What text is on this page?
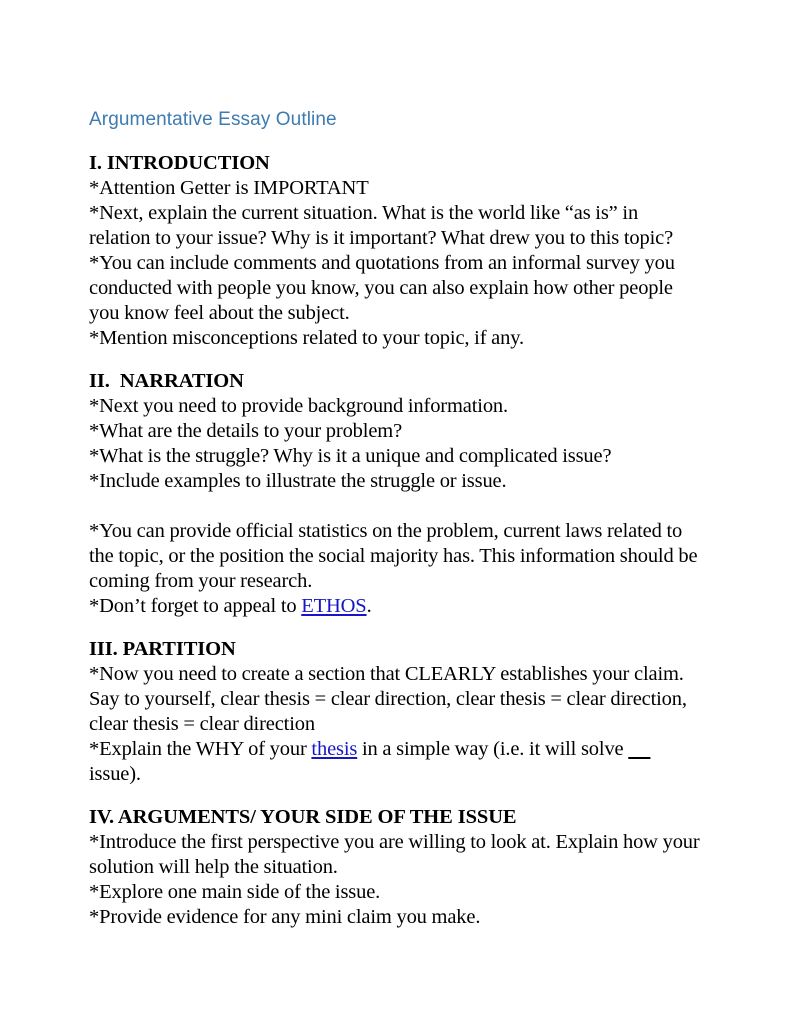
Argumentative Essay Outline
I. INTRODUCTION
*Attention Getter is IMPORTANT
*Next, explain the current situation. What is the world like “as is” in relation to your issue? Why is it important? What drew you to this topic?
*You can include comments and quotations from an informal survey you conducted with people you know, you can also explain how other people you know feel about the subject.
*Mention misconceptions related to your topic, if any.
II.  NARRATION
*Next you need to provide background information.
*What are the details to your problem?
*What is the struggle? Why is it a unique and complicated issue?
*Include examples to illustrate the struggle or issue.
*You can provide official statistics on the problem, current laws related to the topic, or the position the social majority has. This information should be coming from your research.
*Don’t forget to appeal to ETHOS.
III. PARTITION
*Now you need to create a section that CLEARLY establishes your claim. Say to yourself, clear thesis = clear direction, clear thesis = clear direction, clear thesis = clear direction
*Explain the WHY of your thesis in a simple way (i.e. it will solve       issue).
IV. ARGUMENTS/ YOUR SIDE OF THE ISSUE
*Introduce the first perspective you are willing to look at. Explain how your solution will help the situation.
*Explore one main side of the issue.
*Provide evidence for any mini claim you make.
